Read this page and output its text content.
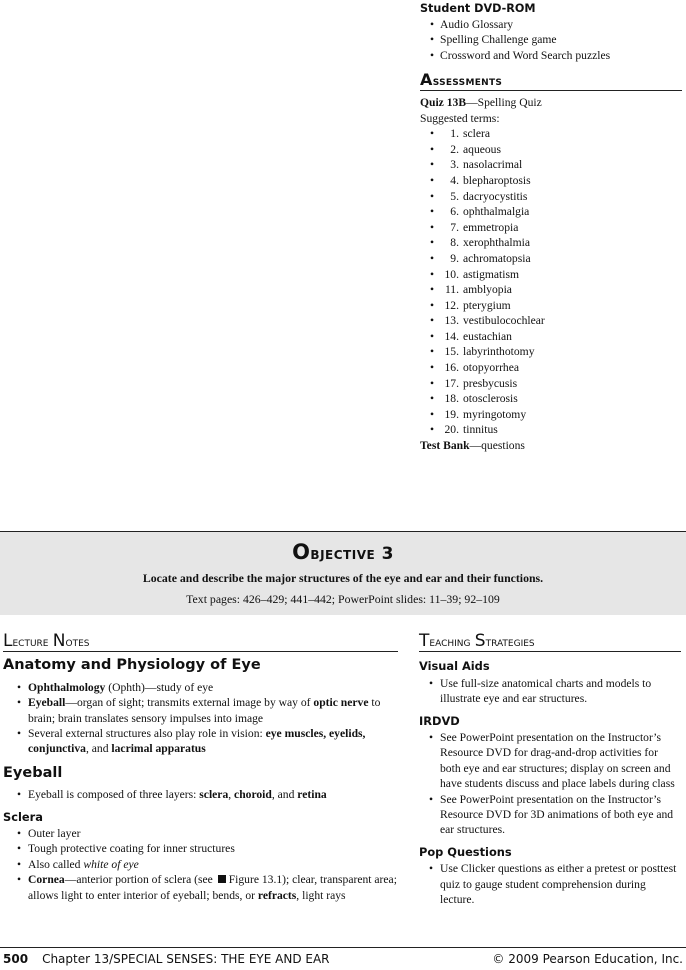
Student DVD-ROM
• Audio Glossary
• Spelling Challenge game
• Crossword and Word Search puzzles
Assessments
Quiz 13B—Spelling Quiz
Suggested terms:
• 1. sclera
• 2. aqueous
• 3. nasolacrimal
• 4. blepharoptosis
• 5. dacryocystitis
• 6. ophthalmalgia
• 7. emmetropia
• 8. xerophthalmia
• 9. achromatopsia
• 10. astigmatism
• 11. amblyopia
• 12. pterygium
• 13. vestibulocochlear
• 14. eustachian
• 15. labyrinthotomy
• 16. otopyorrhea
• 17. presbycusis
• 18. otosclerosis
• 19. myringotomy
• 20. tinnitus
Test Bank—questions
Objective 3
Locate and describe the major structures of the eye and ear and their functions.
Text pages: 426–429; 441–442; PowerPoint slides: 11–39; 92–109
Lecture Notes
Anatomy and Physiology of Eye
• Ophthalmology (Ophth)—study of eye
• Eyeball—organ of sight; transmits external image by way of optic nerve to brain; brain translates sensory impulses into image
• Several external structures also play role in vision: eye muscles, eyelids, conjunctiva, and lacrimal apparatus
Eyeball
• Eyeball is composed of three layers: sclera, choroid, and retina
Sclera
• Outer layer
• Tough protective coating for inner structures
• Also called white of eye
• Cornea—anterior portion of sclera (see Figure 13.1); clear, transparent area; allows light to enter interior of eyeball; bends, or refracts, light rays
Teaching Strategies
Visual Aids
• Use full-size anatomical charts and models to illustrate eye and ear structures.
IRDVD
• See PowerPoint presentation on the Instructor’s Resource DVD for drag-and-drop activities for both eye and ear structures; display on screen and have students discuss and place labels during class
• See PowerPoint presentation on the Instructor’s Resource DVD for 3D animations of both eye and ear structures.
Pop Questions
• Use Clicker questions as either a pretest or posttest quiz to gauge student comprehension during lecture.
500 Chapter 13/SPECIAL SENSES: THE EYE AND EAR	© 2009 Pearson Education, Inc.
